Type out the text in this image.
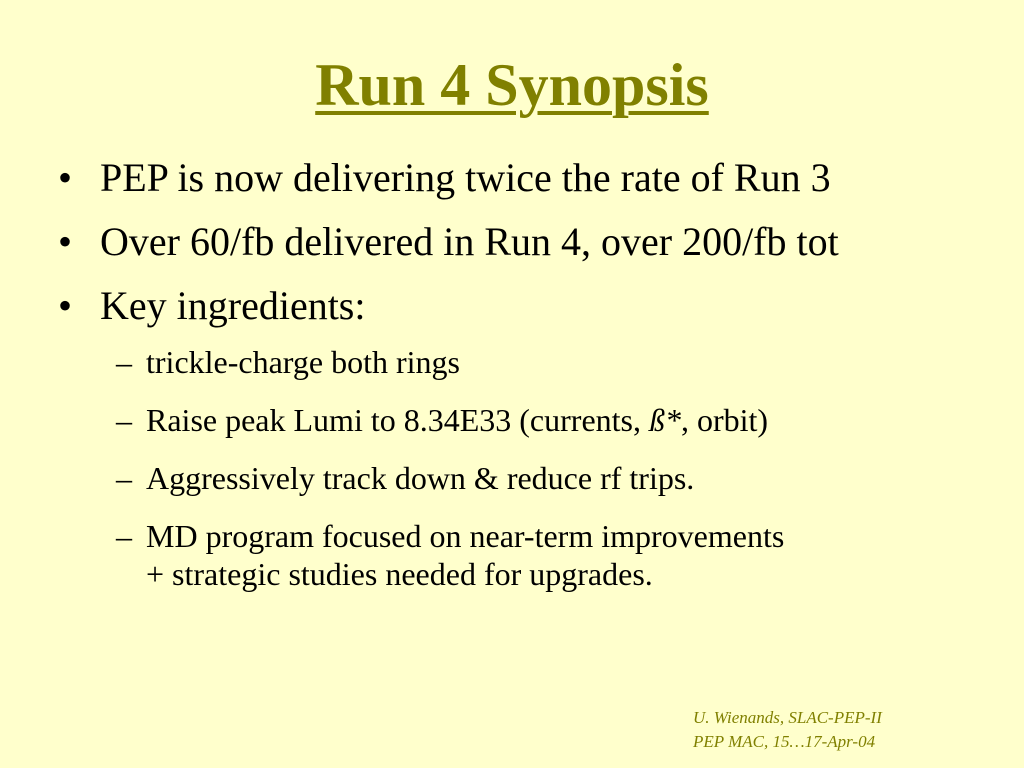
Run 4 Synopsis
• PEP is now delivering twice the rate of Run 3
• Over 60/fb delivered in Run 4, over 200/fb tot
• Key ingredients:
– trickle-charge both rings
– Raise peak Lumi to 8.34E33 (currents, ß*, orbit)
– Aggressively track down & reduce rf trips.
– MD program focused on near-term improvements
+ strategic studies needed for upgrades.
U. Wienands, SLAC-PEP-II
PEP MAC, 15…17-Apr-04
